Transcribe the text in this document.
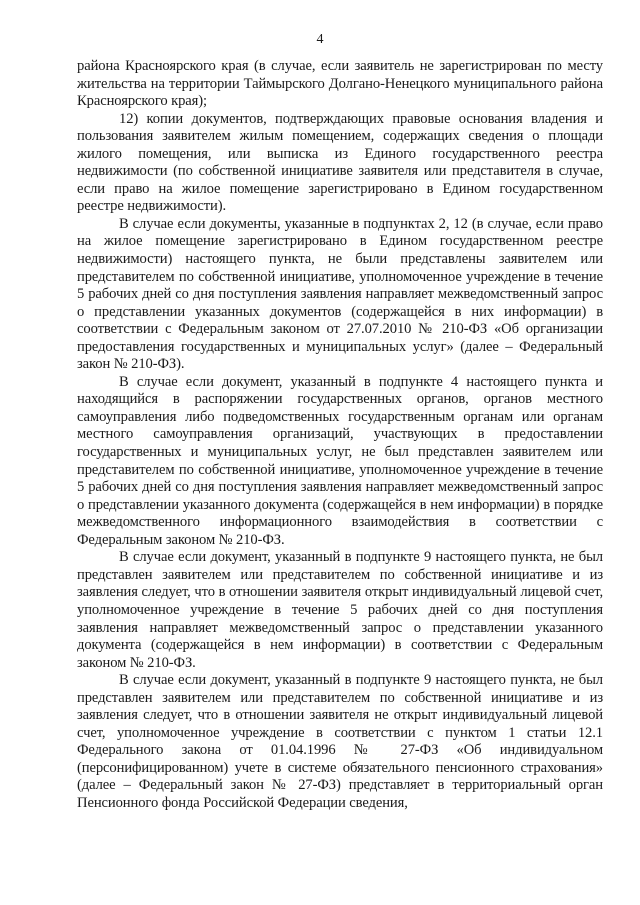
4

района Красноярского края (в случае, если заявитель не зарегистрирован по месту жительства на территории Таймырского Долгано-Ненецкого муниципального района Красноярского края);

12) копии документов, подтверждающих правовые основания владения и пользования заявителем жилым помещением, содержащих сведения о площади жилого помещения, или выписка из Единого государственного реестра недвижимости (по собственной инициативе заявителя или представителя в случае, если право на жилое помещение зарегистрировано в Едином государственном реестре недвижимости).

В случае если документы, указанные в подпунктах 2, 12 (в случае, если право на жилое помещение зарегистрировано в Едином государственном реестре недвижимости) настоящего пункта, не были представлены заявителем или представителем по собственной инициативе, уполномоченное учреждение в течение 5 рабочих дней со дня поступления заявления направляет межведомственный запрос о представлении указанных документов (содержащейся в них информации) в соответствии с Федеральным законом от 27.07.2010 № 210-ФЗ «Об организации предоставления государственных и муниципальных услуг» (далее – Федеральный закон № 210-ФЗ).

В случае если документ, указанный в подпункте 4 настоящего пункта и находящийся в распоряжении государственных органов, органов местного самоуправления либо подведомственных государственным органам или органам местного самоуправления организаций, участвующих в предоставлении государственных и муниципальных услуг, не был представлен заявителем или представителем по собственной инициативе, уполномоченное учреждение в течение 5 рабочих дней со дня поступления заявления направляет межведомственный запрос о представлении указанного документа (содержащейся в нем информации) в порядке межведомственного информационного взаимодействия в соответствии с Федеральным законом № 210-ФЗ.

В случае если документ, указанный в подпункте 9 настоящего пункта, не был представлен заявителем или представителем по собственной инициативе и из заявления следует, что в отношении заявителя открыт индивидуальный лицевой счет, уполномоченное учреждение в течение 5 рабочих дней со дня поступления заявления направляет межведомственный запрос о представлении указанного документа (содержащейся в нем информации) в соответствии с Федеральным законом № 210-ФЗ.

В случае если документ, указанный в подпункте 9 настоящего пункта, не был представлен заявителем или представителем по собственной инициативе и из заявления следует, что в отношении заявителя не открыт индивидуальный лицевой счет, уполномоченное учреждение в соответствии с пунктом 1 статьи 12.1 Федерального закона от 01.04.1996 № 27-ФЗ «Об индивидуальном (персонифицированном) учете в системе обязательного пенсионного страхования» (далее – Федеральный закон № 27-ФЗ) представляет в территориальный орган Пенсионного фонда Российской Федерации сведения,
